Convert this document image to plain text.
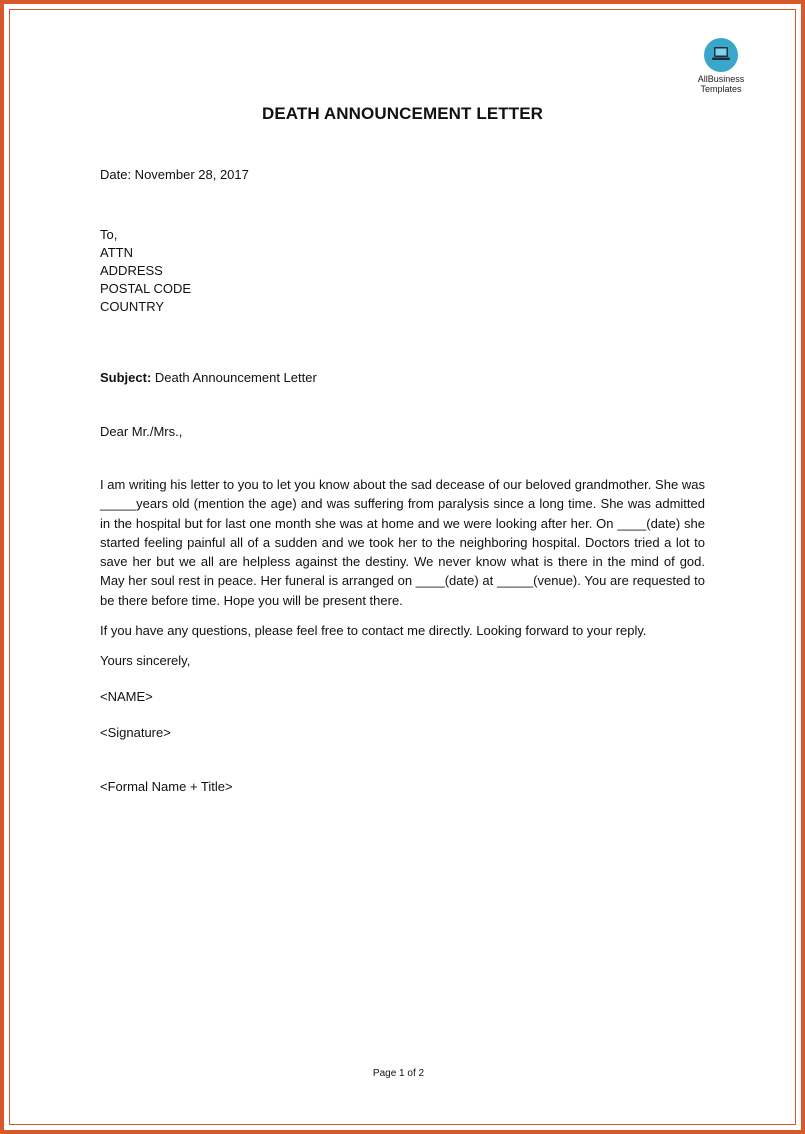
AllBusiness
Templates
DEATH ANNOUNCEMENT LETTER
Date: November 28, 2017
To,
ATTN
ADDRESS
POSTAL CODE
COUNTRY
Subject: Death Announcement Letter
Dear Mr./Mrs.,
I am writing his letter to you to let you know about the sad decease of our beloved grandmother. She was _____years old (mention the age) and was suffering from paralysis since a long time. She was admitted in the hospital but for last one month she was at home and we were looking after her. On ____(date) she started feeling painful all of a sudden and we took her to the neighboring hospital. Doctors tried a lot to save her but we all are helpless against the destiny. We never know what is there in the mind of god. May her soul rest in peace. Her funeral is arranged on ____(date) at _____(venue). You are requested to be there before time. Hope you will be present there.
If you have any questions, please feel free to contact me directly. Looking forward to your reply.
Yours sincerely,
<NAME>
<Signature>
<Formal Name + Title>
Page 1 of 2
